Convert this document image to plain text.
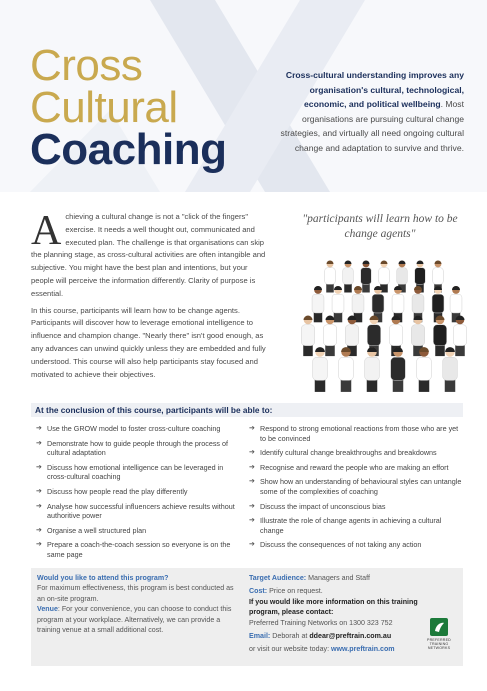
Cross
Cultural
Coaching
Cross-cultural understanding improves any organisation's cultural, technological, economic, and political wellbeing. Most organisations are pursuing cultural change strategies, and virtually all need ongoing cultural change and adaptation to survive and thrive.

Achieving a cultural change is not a "click of the fingers" exercise. It needs a well thought out, communicated and executed plan. The challenge is that organisations can skip the planning stage, as cross-cultural activities are often intangible and subjective. You might have the best plan and intentions, but your people will perceive the information differently. Clarity of purpose is essential.

In this course, participants will learn how to be change agents. Participants will discover how to leverage emotional intelligence to influence and champion change. "Nearly there" isn't good enough, as any advances can unwind quickly unless they are embedded and fully understood. This course will also help participants stay focused and motivated to achieve their objectives.

"participants will learn how to be change agents"
At the conclusion of this course, participants will be able to:
➔ Use the GROW model to foster cross-culture coaching
➔ Demonstrate how to guide people through the process of cultural adaptation
➔ Discuss how emotional intelligence can be leveraged in cross-cultural coaching
➔ Discuss how people read the play differently
➔ Analyse how successful influencers achieve results without authoritive power
➔ Organise a well structured plan
➔ Prepare a coach-the-coach session so everyone is on the same page
➔ Respond to strong emotional reactions from those who are yet to be convinced
➔ Identify cultural change breakthroughs and breakdowns
➔ Recognise and reward the people who are making an effort
➔ Show how an understanding of behavioural styles can untangle some of the complexities of coaching
➔ Discuss the impact of unconscious bias
➔ Illustrate the role of change agents in achieving a cultural change
➔ Discuss the consequences of not taking any action
Would you like to attend this program?
For maximum effectiveness, this program is best conducted as an on-site program.
Venue: For your convenience, you can choose to conduct this program at your workplace. Alternatively, we can provide a training venue at a small additional cost.
Target Audience: Managers and Staff
Cost: Price on request.
If you would like more information on this training program, please contact:
Preferred Training Networks on 1300 323 752
Email: Deborah at ddear@preftrain.com.au
or visit our website today: www.preftrain.com
PREFERRED TRAINING NETWORKS
